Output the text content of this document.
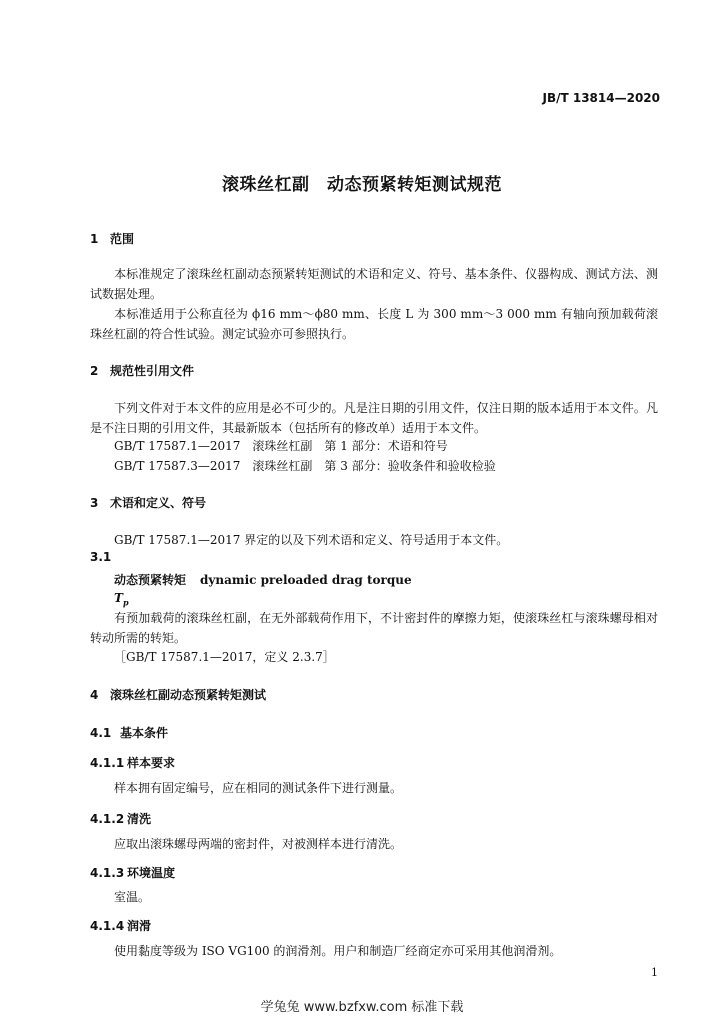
JB/T 13814—2020
滚珠丝杠副　动态预紧转矩测试规范
1 范围
本标准规定了滚珠丝杠副动态预紧转矩测试的术语和定义、符号、基本条件、仪器构成、测试方法、测试数据处理。
本标准适用于公称直径为 ϕ16 mm～ϕ80 mm、长度 L 为 300 mm～3 000 mm 有轴向预加载荷滚珠丝杠副的符合性试验。测定试验亦可参照执行。
2 规范性引用文件
下列文件对于本文件的应用是必不可少的。凡是注日期的引用文件，仅注日期的版本适用于本文件。凡是不注日期的引用文件，其最新版本（包括所有的修改单）适用于本文件。
GB/T 17587.1—2017　滚珠丝杠副　第 1 部分：术语和符号
GB/T 17587.3—2017　滚珠丝杠副　第 3 部分：验收条件和验收检验
3 术语和定义、符号
GB/T 17587.1—2017 界定的以及下列术语和定义、符号适用于本文件。
3.1
动态预紧转矩 dynamic preloaded drag torque
$T_p$
有预加载荷的滚珠丝杠副，在无外部载荷作用下，不计密封件的摩擦力矩，使滚珠丝杠与滚珠螺母相对转动所需的转矩。
［GB/T 17587.1—2017，定义 2.3.7］
4 滚珠丝杠副动态预紧转矩测试
4.1 基本条件
4.1.1 样本要求
样本拥有固定编号，应在相同的测试条件下进行测量。
4.1.2 清洗
应取出滚珠螺母两端的密封件，对被测样本进行清洗。
4.1.3 环境温度
室温。
4.1.4 润滑
使用黏度等级为 ISO VG100 的润滑剂。用户和制造厂经商定亦可采用其他润滑剂。
1
学兔兔 www.bzfxw.com 标准下载
